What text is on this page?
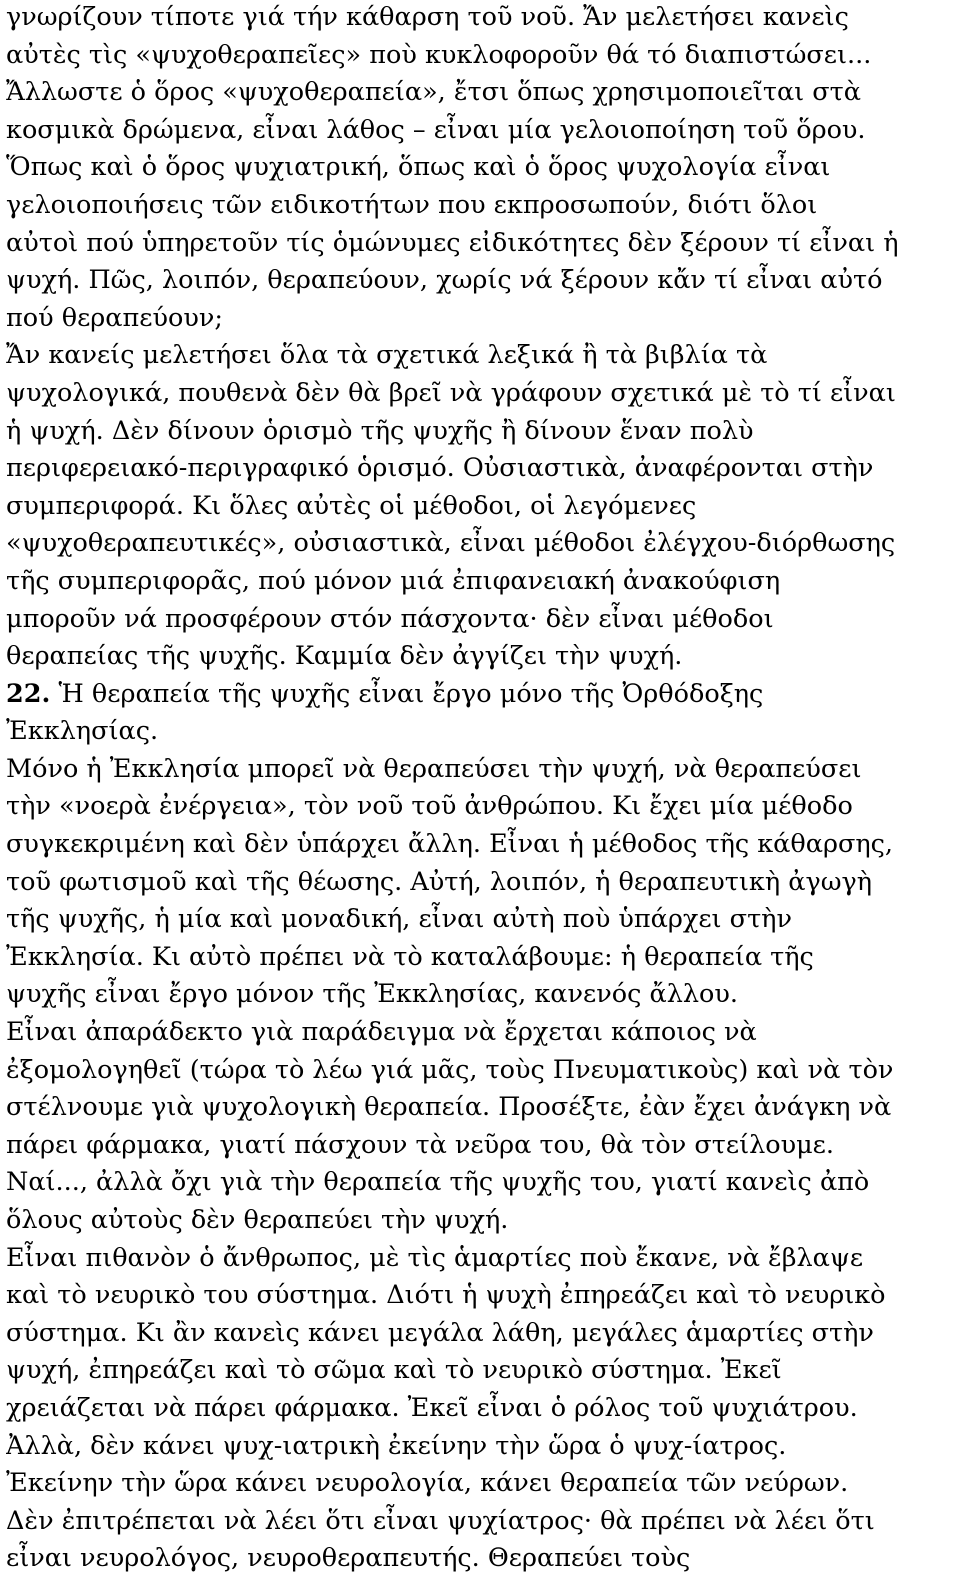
γνωρίζουν τίποτε γιά τήν κάθαρση τοῦ νοῦ. Ἄν μελετήσει κανεὶς
αὐτὲς τὶς «ψυχοθεραπεῖες» ποὺ κυκλοφοροῦν θά τό διαπιστώσει...
Ἄλλωστε ὁ ὅρος «ψυχοθεραπεία», ἔτσι ὅπως χρησιμοποιεῖται στὰ
κοσμικὰ δρώμενα, εἶναι λάθος – εἶναι μία γελοιοποίηση τοῦ ὅρου.
Ὅπως καὶ ὁ ὅρος ψυχιατρική, ὅπως καὶ ὁ ὅρος ψυχολογία εἶναι
γελοιοποιήσεις τῶν ειδικοτήτων που εκπροσωπούν, διότι ὅλοι
αὐτοὶ πού ὑπηρετοῦν τίς ὁμώνυμες εἰδικότητες δὲν ξέρουν τί εἶναι ἡ
ψυχή. Πῶς, λοιπόν, θεραπεύουν, χωρίς νά ξέρουν κἄν τί εἶναι αὐτό
πού θεραπεύουν;
Ἄν κανείς μελετήσει ὅλα τὰ σχετικά λεξικά ἢ τὰ βιβλία τὰ
ψυχολογικά, πουθενὰ δὲν θὰ βρεῖ νὰ γράφουν σχετικά μὲ τὸ τί εἶναι
ἡ ψυχή. Δὲν δίνουν ὁρισμὸ τῆς ψυχῆς ἢ δίνουν ἕναν πολὺ
περιφερειακό-περιγραφικό ὁρισμό. Οὐσιαστικὰ, ἀναφέρονται στὴν
συμπεριφορά. Κι ὅλες αὐτὲς οἱ μέθοδοι, οἱ λεγόμενες
«ψυχοθεραπευτικές», οὐσιαστικὰ, εἶναι μέθοδοι ἐλέγχου-διόρθωσης
τῆς συμπεριφορᾶς, πού μόνον μιά ἐπιφανειακή ἀνακούφιση
μποροῦν νά προσφέρουν στόν πάσχοντα· δὲν εἶναι μέθοδοι
θεραπείας τῆς ψυχῆς. Καμμία δὲν ἀγγίζει τὴν ψυχή.
22. Ἡ θεραπεία τῆς ψυχῆς εἶναι ἔργο μόνο τῆς Ὀρθόδοξης
Ἐκκλησίας.
Μόνο ἡ Ἐκκλησία μπορεῖ νὰ θεραπεύσει τὴν ψυχή, νὰ θεραπεύσει
τὴν «νοερὰ ἐνέργεια», τὸν νοῦ τοῦ ἀνθρώπου. Κι ἔχει μία μέθοδο
συγκεκριμένη καὶ δὲν ὑπάρχει ἄλλη. Εἶναι ἡ μέθοδος τῆς κάθαρσης,
τοῦ φωτισμοῦ καὶ τῆς θέωσης. Αὐτή, λοιπόν, ἡ θεραπευτικὴ ἀγωγὴ
τῆς ψυχῆς, ἡ μία καὶ μοναδική, εἶναι αὐτὴ ποὺ ὑπάρχει στὴν
Ἐκκλησία. Κι αὐτὸ πρέπει νὰ τὸ καταλάβουμε: ἡ θεραπεία τῆς
ψυχῆς εἶναι ἔργο μόνον τῆς Ἐκκλησίας, κανενός ἄλλου.
Εἶναι ἀπαράδεκτο γιὰ παράδειγμα νὰ ἔρχεται κάποιος νὰ
ἐξομολογηθεῖ (τώρα τὸ λέω γιά μᾶς, τοὺς Πνευματικοὺς) καὶ νὰ τὸν
στέλνουμε γιὰ ψυχολογικὴ θεραπεία. Προσέξτε, ἐὰν ἔχει ἀνάγκη νὰ
πάρει φάρμακα, γιατί πάσχουν τὰ νεῦρα του, θὰ τὸν στείλουμε.
Ναί..., ἀλλὰ ὄχι γιὰ τὴν θεραπεία τῆς ψυχῆς του, γιατί κανεὶς ἀπὸ
ὅλους αὐτοὺς δὲν θεραπεύει τὴν ψυχή.
Εἶναι πιθανὸν ὁ ἄνθρωπος, μὲ τὶς ἁμαρτίες ποὺ ἔκανε, νὰ ἔβλαψε
καὶ τὸ νευρικὸ του σύστημα. Διότι ἡ ψυχὴ ἐπηρεάζει καὶ τὸ νευρικὸ
σύστημα. Κι ἂν κανεὶς κάνει μεγάλα λάθη, μεγάλες ἁμαρτίες στὴν
ψυχή, ἐπηρεάζει καὶ τὸ σῶμα καὶ τὸ νευρικὸ σύστημα. Ἐκεῖ
χρειάζεται νὰ πάρει φάρμακα. Ἐκεῖ εἶναι ὁ ρόλος τοῦ ψυχιάτρου.
Ἀλλὰ, δὲν κάνει ψυχ-ιατρικὴ ἐκείνην τὴν ὥρα ὁ ψυχ-ίατρος.
Ἐκείνην τὴν ὥρα κάνει νευρολογία, κάνει θεραπεία τῶν νεύρων.
Δὲν ἐπιτρέπεται νὰ λέει ὅτι εἶναι ψυχίατρος· θὰ πρέπει νὰ λέει ὅτι
εἶναι νευρολόγος, νευροθεραπευτής. Θεραπεύει τοὺς
